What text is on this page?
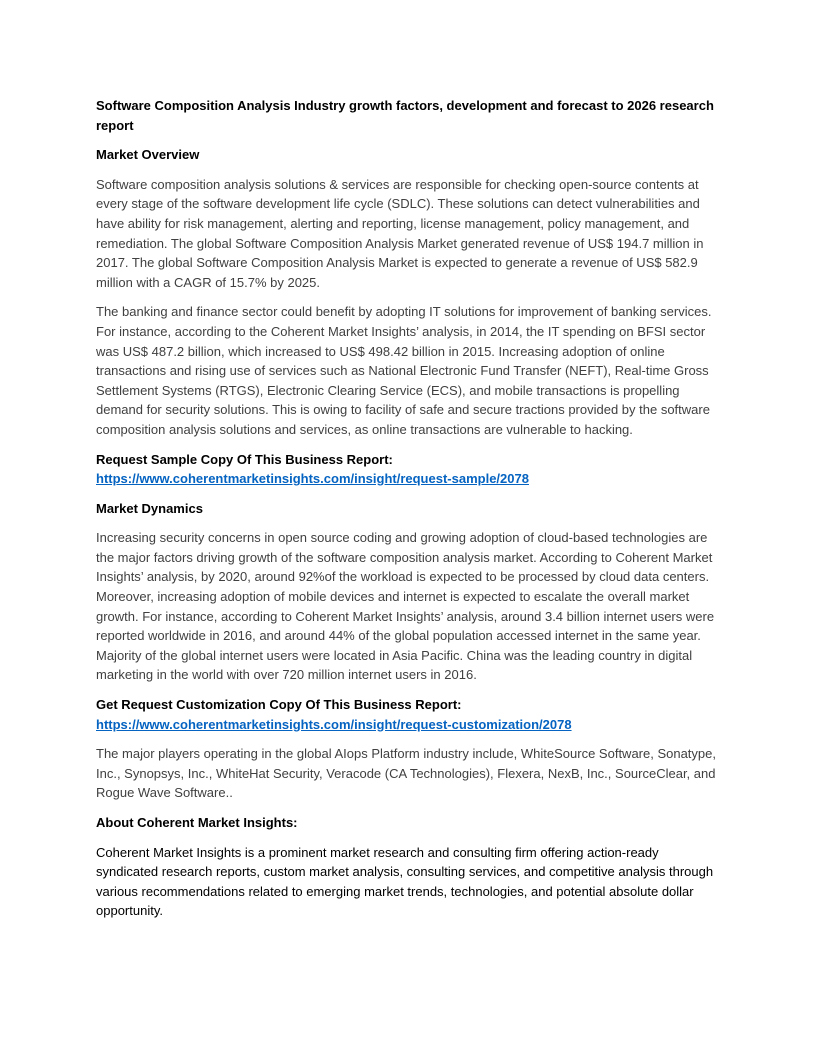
Software Composition Analysis Industry growth factors, development and forecast to 2026 research report

Market Overview

Software composition analysis solutions & services are responsible for checking open-source contents at every stage of the software development life cycle (SDLC). These solutions can detect vulnerabilities and have ability for risk management, alerting and reporting, license management, policy management, and remediation. The global Software Composition Analysis Market generated revenue of US$ 194.7 million in 2017. The global Software Composition Analysis Market is expected to generate a revenue of US$ 582.9 million with a CAGR of 15.7% by 2025.

The banking and finance sector could benefit by adopting IT solutions for improvement of banking services. For instance, according to the Coherent Market Insights’ analysis, in 2014, the IT spending on BFSI sector was US$ 487.2 billion, which increased to US$ 498.42 billion in 2015. Increasing adoption of online transactions and rising use of services such as National Electronic Fund Transfer (NEFT), Real-time Gross Settlement Systems (RTGS), Electronic Clearing Service (ECS), and mobile transactions is propelling demand for security solutions. This is owing to facility of safe and secure tractions provided by the software composition analysis solutions and services, as online transactions are vulnerable to hacking.

Request Sample Copy Of This Business Report:
https://www.coherentmarketinsights.com/insight/request-sample/2078

Market Dynamics

Increasing security concerns in open source coding and growing adoption of cloud-based technologies are the major factors driving growth of the software composition analysis market. According to Coherent Market Insights’ analysis, by 2020, around 92%of the workload is expected to be processed by cloud data centers. Moreover, increasing adoption of mobile devices and internet is expected to escalate the overall market growth. For instance, according to Coherent Market Insights’ analysis, around 3.4 billion internet users were reported worldwide in 2016, and around 44% of the global population accessed internet in the same year. Majority of the global internet users were located in Asia Pacific. China was the leading country in digital marketing in the world with over 720 million internet users in 2016.

Get Request Customization Copy Of This Business Report:
https://www.coherentmarketinsights.com/insight/request-customization/2078

The major players operating in the global AIops Platform industry include, WhiteSource Software, Sonatype, Inc., Synopsys, Inc., WhiteHat Security, Veracode (CA Technologies), Flexera, NexB, Inc., SourceClear, and Rogue Wave Software..

About Coherent Market Insights:

Coherent Market Insights is a prominent market research and consulting firm offering action-ready syndicated research reports, custom market analysis, consulting services, and competitive analysis through various recommendations related to emerging market trends, technologies, and potential absolute dollar opportunity.
